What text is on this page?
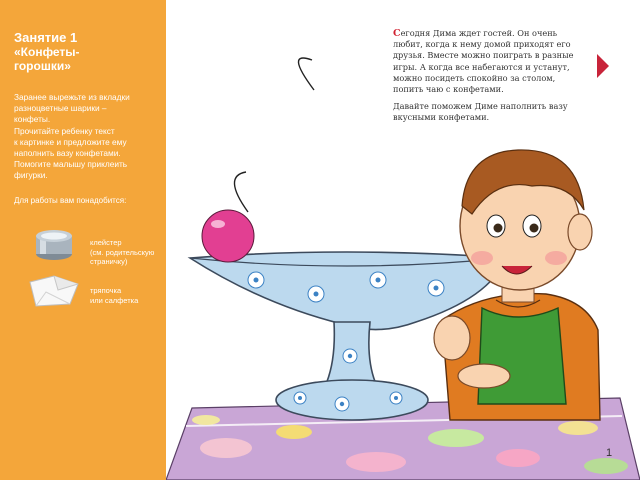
Занятие 1
«Конфеты-
горошки»
Заранее вырежьте из вкладки
разноцветные шарики –
конфеты.
Прочитайте ребенку текст
к картинке и предложите ему
наполнить вазу конфетами.
Помогите малышу приклеить
фигурки.
Для работы вам понадобится:
клейстер
(см. родительскую
страничку)
тряпочка
или салфетка

Сегодня Дима ждет гостей. Он очень любит, когда к нему домой приходят его друзья. Вместе можно поиграть в разные игры. А когда все набегаются и устанут, можно посидеть спокойно за столом, попить чаю с конфетами.

Давайте поможем Диме наполнить вазу вкусными конфетами.

1
